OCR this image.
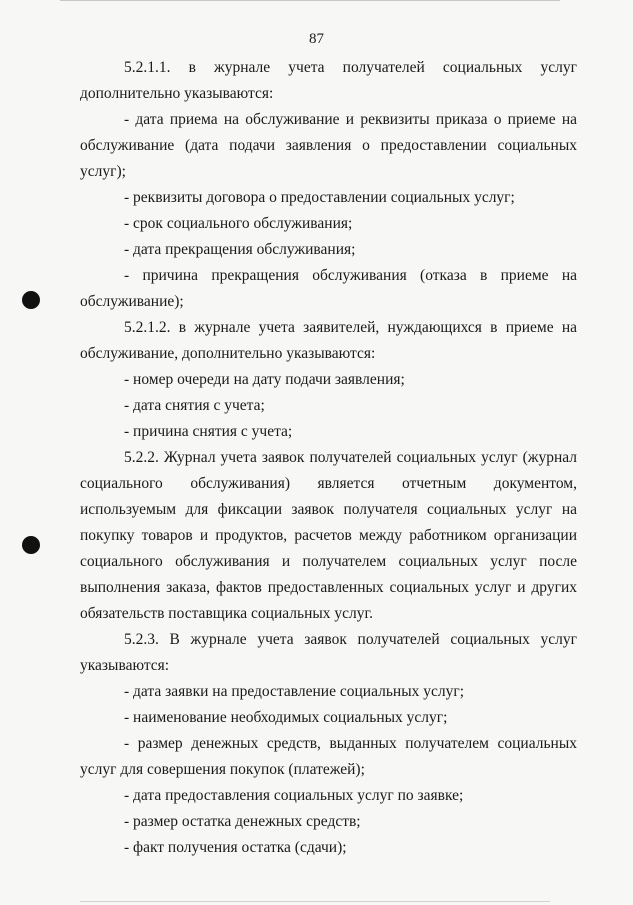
87

5.2.1.1. в журнале учета получателей социальных услуг дополнительно указываются:

- дата приема на обслуживание и реквизиты приказа о приеме на обслуживание (дата подачи заявления о предоставлении социальных услуг);

- реквизиты договора о предоставлении социальных услуг;

- срок социального обслуживания;

- дата прекращения обслуживания;

- причина прекращения обслуживания (отказа в приеме на обслуживание);

5.2.1.2. в журнале учета заявителей, нуждающихся в приеме на обслуживание, дополнительно указываются:

- номер очереди на дату подачи заявления;

- дата снятия с учета;

- причина снятия с учета;

5.2.2. Журнал учета заявок получателей социальных услуг (журнал социального обслуживания) является отчетным документом, используемым для фиксации заявок получателя социальных услуг на покупку товаров и продуктов, расчетов между работником организации социального обслуживания и получателем социальных услуг после выполнения заказа, фактов предоставленных социальных услуг и других обязательств поставщика социальных услуг.

5.2.3. В журнале учета заявок получателей социальных услуг указываются:

- дата заявки на предоставление социальных услуг;

- наименование необходимых социальных услуг;

- размер денежных средств, выданных получателем социальных услуг для совершения покупок (платежей);

- дата предоставления социальных услуг по заявке;

- размер остатка денежных средств;

- факт получения остатка (сдачи);
